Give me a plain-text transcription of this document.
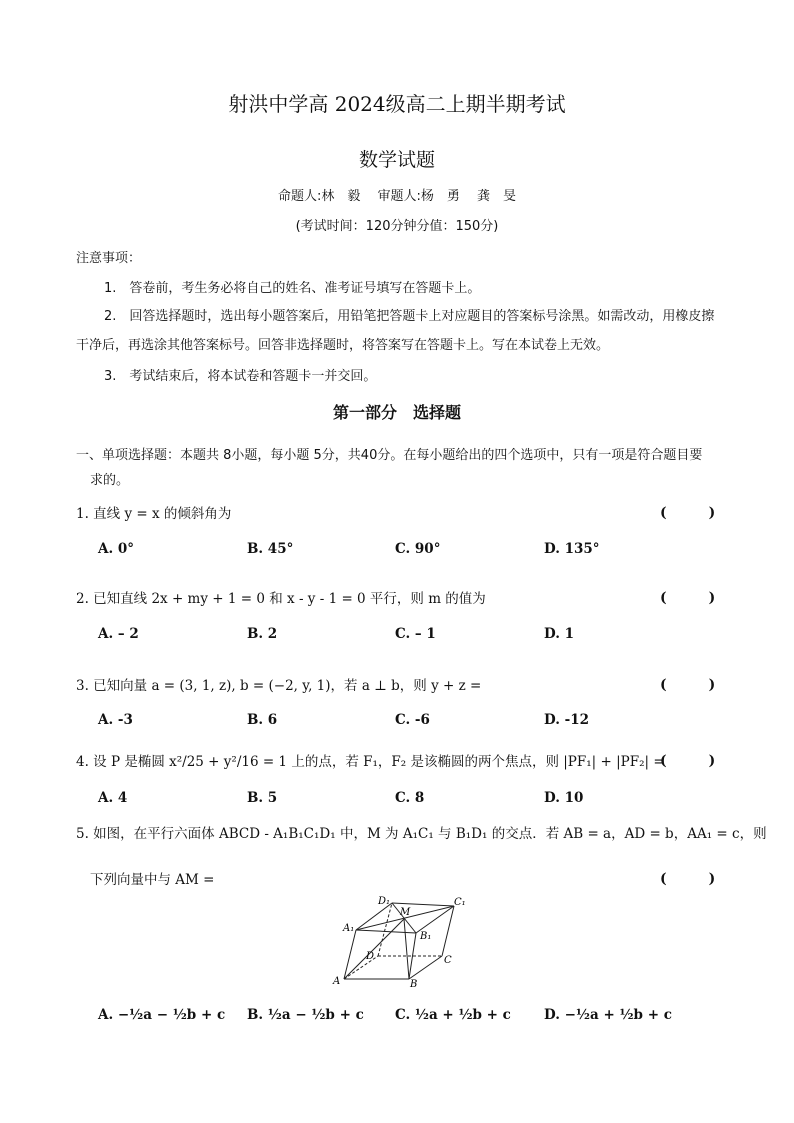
射洪中学高 2024级高二上期半期考试
数学试题
命题人:林　毅　 审题人:杨　勇　 龚　旻
(考试时间：120分钟分值：150分)
注意事项：
1.　答卷前，考生务必将自己的姓名、准考证号填写在答题卡上。
2.　回答选择题时，选出每小题答案后，用铅笔把答题卡上对应题目的答案标号涂黑。如需改动，用橡皮擦
干净后，再选涂其他答案标号。回答非选择题时，将答案写在答题卡上。写在本试卷上无效。
3.　考试结束后，将本试卷和答题卡一并交回。
第一部分　选择题
一、单项选择题：本题共 8小题，每小题 5分，共40分。在每小题给出的四个选项中，只有一项是符合题目要
求的。
1. 直线 y = x 的倾斜角为	(　　　)
A. 0°	B. 45°	C. 90°	D. 135°
2. 已知直线 2x + my + 1 = 0 和 x - y - 1 = 0 平行，则 m 的值为	(　　　)
A. – 2	B. 2	C. – 1	D. 1
3. 已知向量 a = (3, 1, z), b = (−2, y, 1)，若 a ⊥ b，则 y + z =	(　　　)
A. -3	B. 6	C. -6	D. -12
4. 设 P 是椭圆 x²/25 + y²/16 = 1 上的点，若 F₁，F₂ 是该椭圆的两个焦点，则 |PF₁| + |PF₂| =
(　　　)
A. 4	B. 5	C. 8	D. 10
5. 如图，在平行六面体 ABCD - A₁B₁C₁D₁ 中，M 为 A₁C₁ 与 B₁D₁ 的交点．若 AB = a，AD = b，AA₁ = c，则
下列向量中与 AM =	(　　　)
A	B
C
D
A₁
B₁
C₁
D₁
M
A. −½a − ½b + c B. ½a − ½b + c C. ½a + ½b + c D. −½a + ½b + c
